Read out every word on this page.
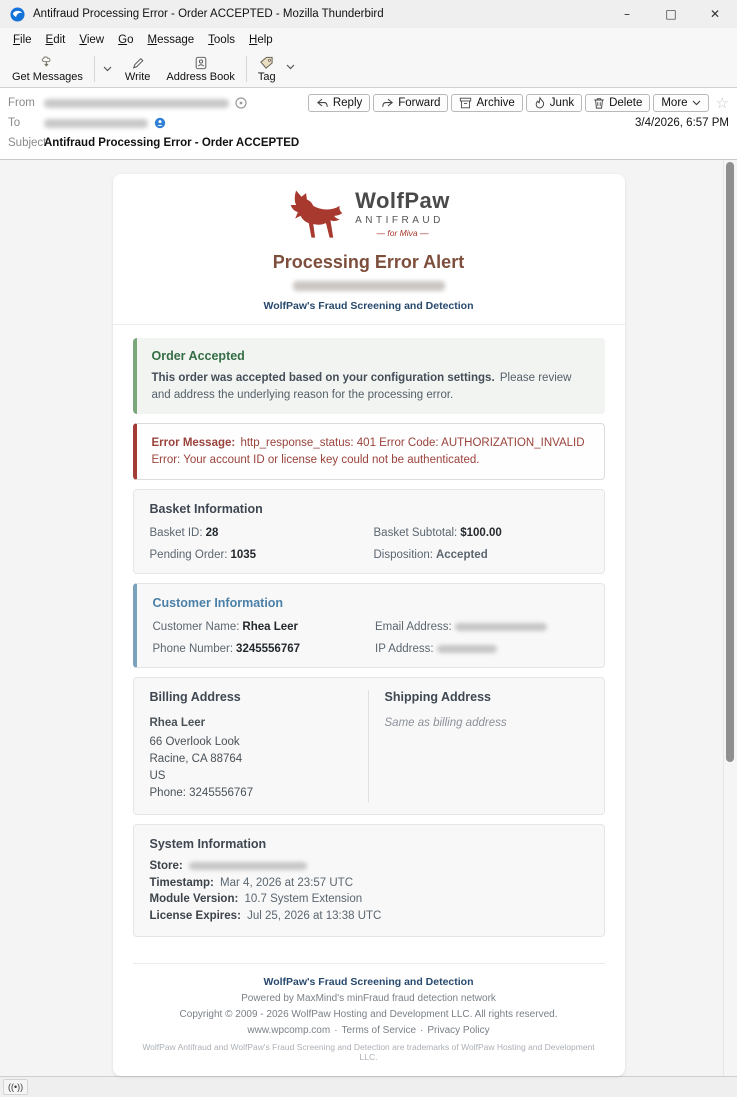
Antifraud Processing Error - Order ACCEPTED - Mozilla Thunderbird	–	□	✕
File	Edit	View	Go	Message	Tools	Help
Get Messages	Write Address Book Tag
From	Reply	Forward	Archive	Junk	Delete More ☆
To	3/4/2026, 6:57 PM
Subject
Antifraud Processing Error - Order ACCEPTED
WolfPaw
ANTIFRAUD
— for Miva —
Processing Error Alert
WolfPaw's Fraud Screening and Detection
Order Accepted

This order was accepted based on your configuration settings. Please review and address the underlying reason for the processing error.

Error Message: http_response_status: 401 Error Code: AUTHORIZATION_INVALID Error: Your account ID or license key could not be authenticated.
Basket Information
Basket ID: 28	Basket Subtotal: $100.00
Pending Order: 1035	Disposition: Accepted
Customer Information
Customer Name: Rhea Leer	Email Address:
Phone Number: 3245556767	IP Address:
Billing Address
Rhea Leer
66 Overlook Look
Racine, CA 88764
US
Phone: 3245556767
Shipping Address
Same as billing address
System Information
Store:
Timestamp: Mar 4, 2026 at 23:57 UTC
Module Version: 10.7 System Extension
License Expires: Jul 25, 2026 at 13:38 UTC
WolfPaw's Fraud Screening and Detection
Powered by MaxMind's minFraud fraud detection network
Copyright © 2009 - 2026 WolfPaw Hosting and Development LLC. All rights reserved.
www.wpcomp.com · Terms of Service · Privacy Policy
WolfPaw Antifraud and WolfPaw's Fraud Screening and Detection are trademarks of WolfPaw Hosting and Development LLC.
((•))
